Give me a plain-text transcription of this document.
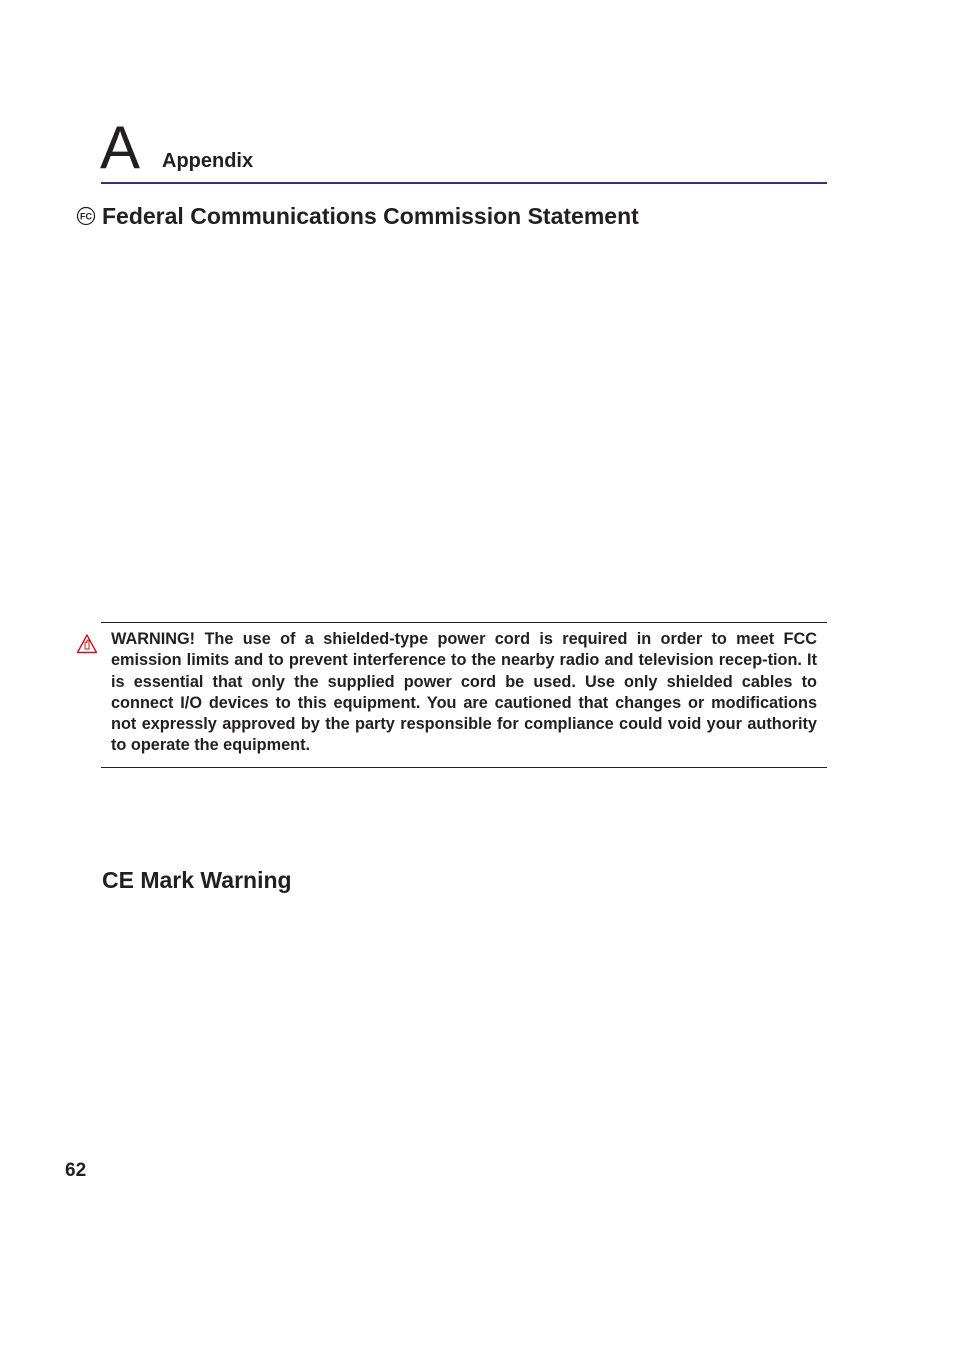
A Appendix
FC Federal Communications Commission Statement

WARNING! The use of a shielded-type power cord is required in order to meet FCC emission limits and to prevent interference to the nearby radio and television recep-tion. It is essential that only the supplied power cord be used. Use only shielded cables to connect I/O devices to this equipment. You are cautioned that changes or modifications not expressly approved by the party responsible for compliance could void your authority to operate the equipment.

CE Mark Warning
62
